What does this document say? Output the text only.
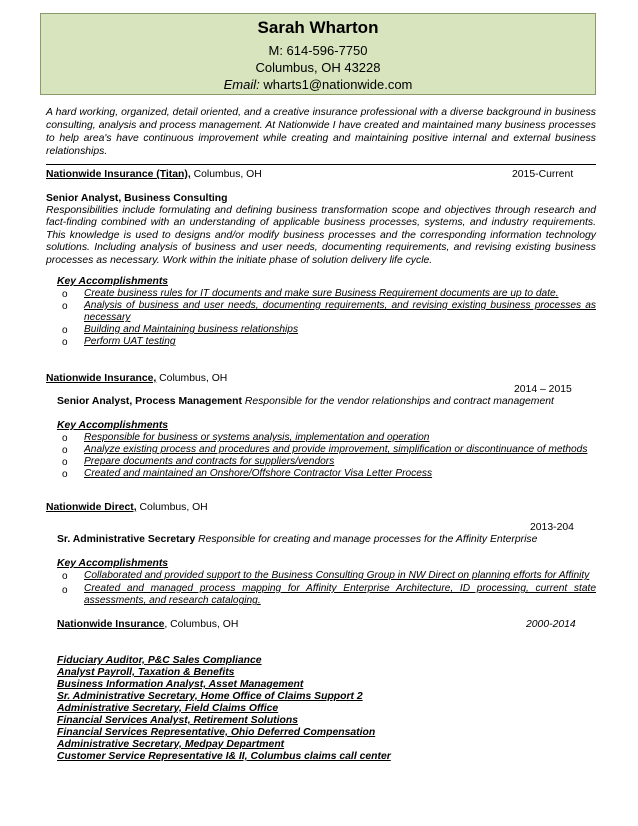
Sarah Wharton
M: 614-596-7750
Columbus, OH 43228
Email: wharts1@nationwide.com
A hard working, organized, detail oriented, and a creative insurance professional with a diverse background in business consulting, analysis and process management. At Nationwide I have created and maintained many business processes to help area's have continuous improvement while creating and maintaining positive internal and external business relationships.
Nationwide Insurance (Titan), Columbus, OH	2015-Current
Senior Analyst, Business Consulting
Responsibilities include formulating and defining business transformation scope and objectives through research and fact-finding combined with an understanding of applicable business processes, systems, and industry requirements. This knowledge is used to designs and/or modify business processes and the corresponding information technology solutions. Including analysis of business and user needs, documenting requirements, and revising existing business processes as necessary. Work within the initiate phase of solution delivery life cycle.
Key Accomplishments
o Create business rules for IT documents and make sure Business Requirement documents are up to date.
o Analysis of business and user needs, documenting requirements, and revising existing business processes as necessary
o Building and Maintaining business relationships
o Perform UAT testing
Nationwide Insurance, Columbus, OH
2014 – 2015
Senior Analyst, Process Management Responsible for the vendor relationships and contract management
Key Accomplishments
o Responsible for business or systems analysis, implementation and operation
o Analyze existing process and procedures and provide improvement, simplification or discontinuance of methods
o Prepare documents and contracts for suppliers/vendors
o Created and maintained an Onshore/Offshore Contractor Visa Letter Process
Nationwide Direct, Columbus, OH
2013-204
Sr. Administrative Secretary Responsible for creating and manage processes for the Affinity Enterprise
Key Accomplishments
o Collaborated and provided support to the Business Consulting Group in NW Direct on planning efforts for Affinity
o Created and managed process mapping for Affinity Enterprise Architecture, ID processing, current state assessments, and research cataloging.
Nationwide Insurance, Columbus, OH	2000-2014
Fiduciary Auditor, P&C Sales Compliance
Analyst Payroll, Taxation & Benefits
Business Information Analyst, Asset Management
Sr. Administrative Secretary, Home Office of Claims Support 2
Administrative Secretary, Field Claims Office
Financial Services Analyst, Retirement Solutions
Financial Services Representative, Ohio Deferred Compensation
Administrative Secretary, Medpay Department
Customer Service Representative I& II, Columbus claims call center
